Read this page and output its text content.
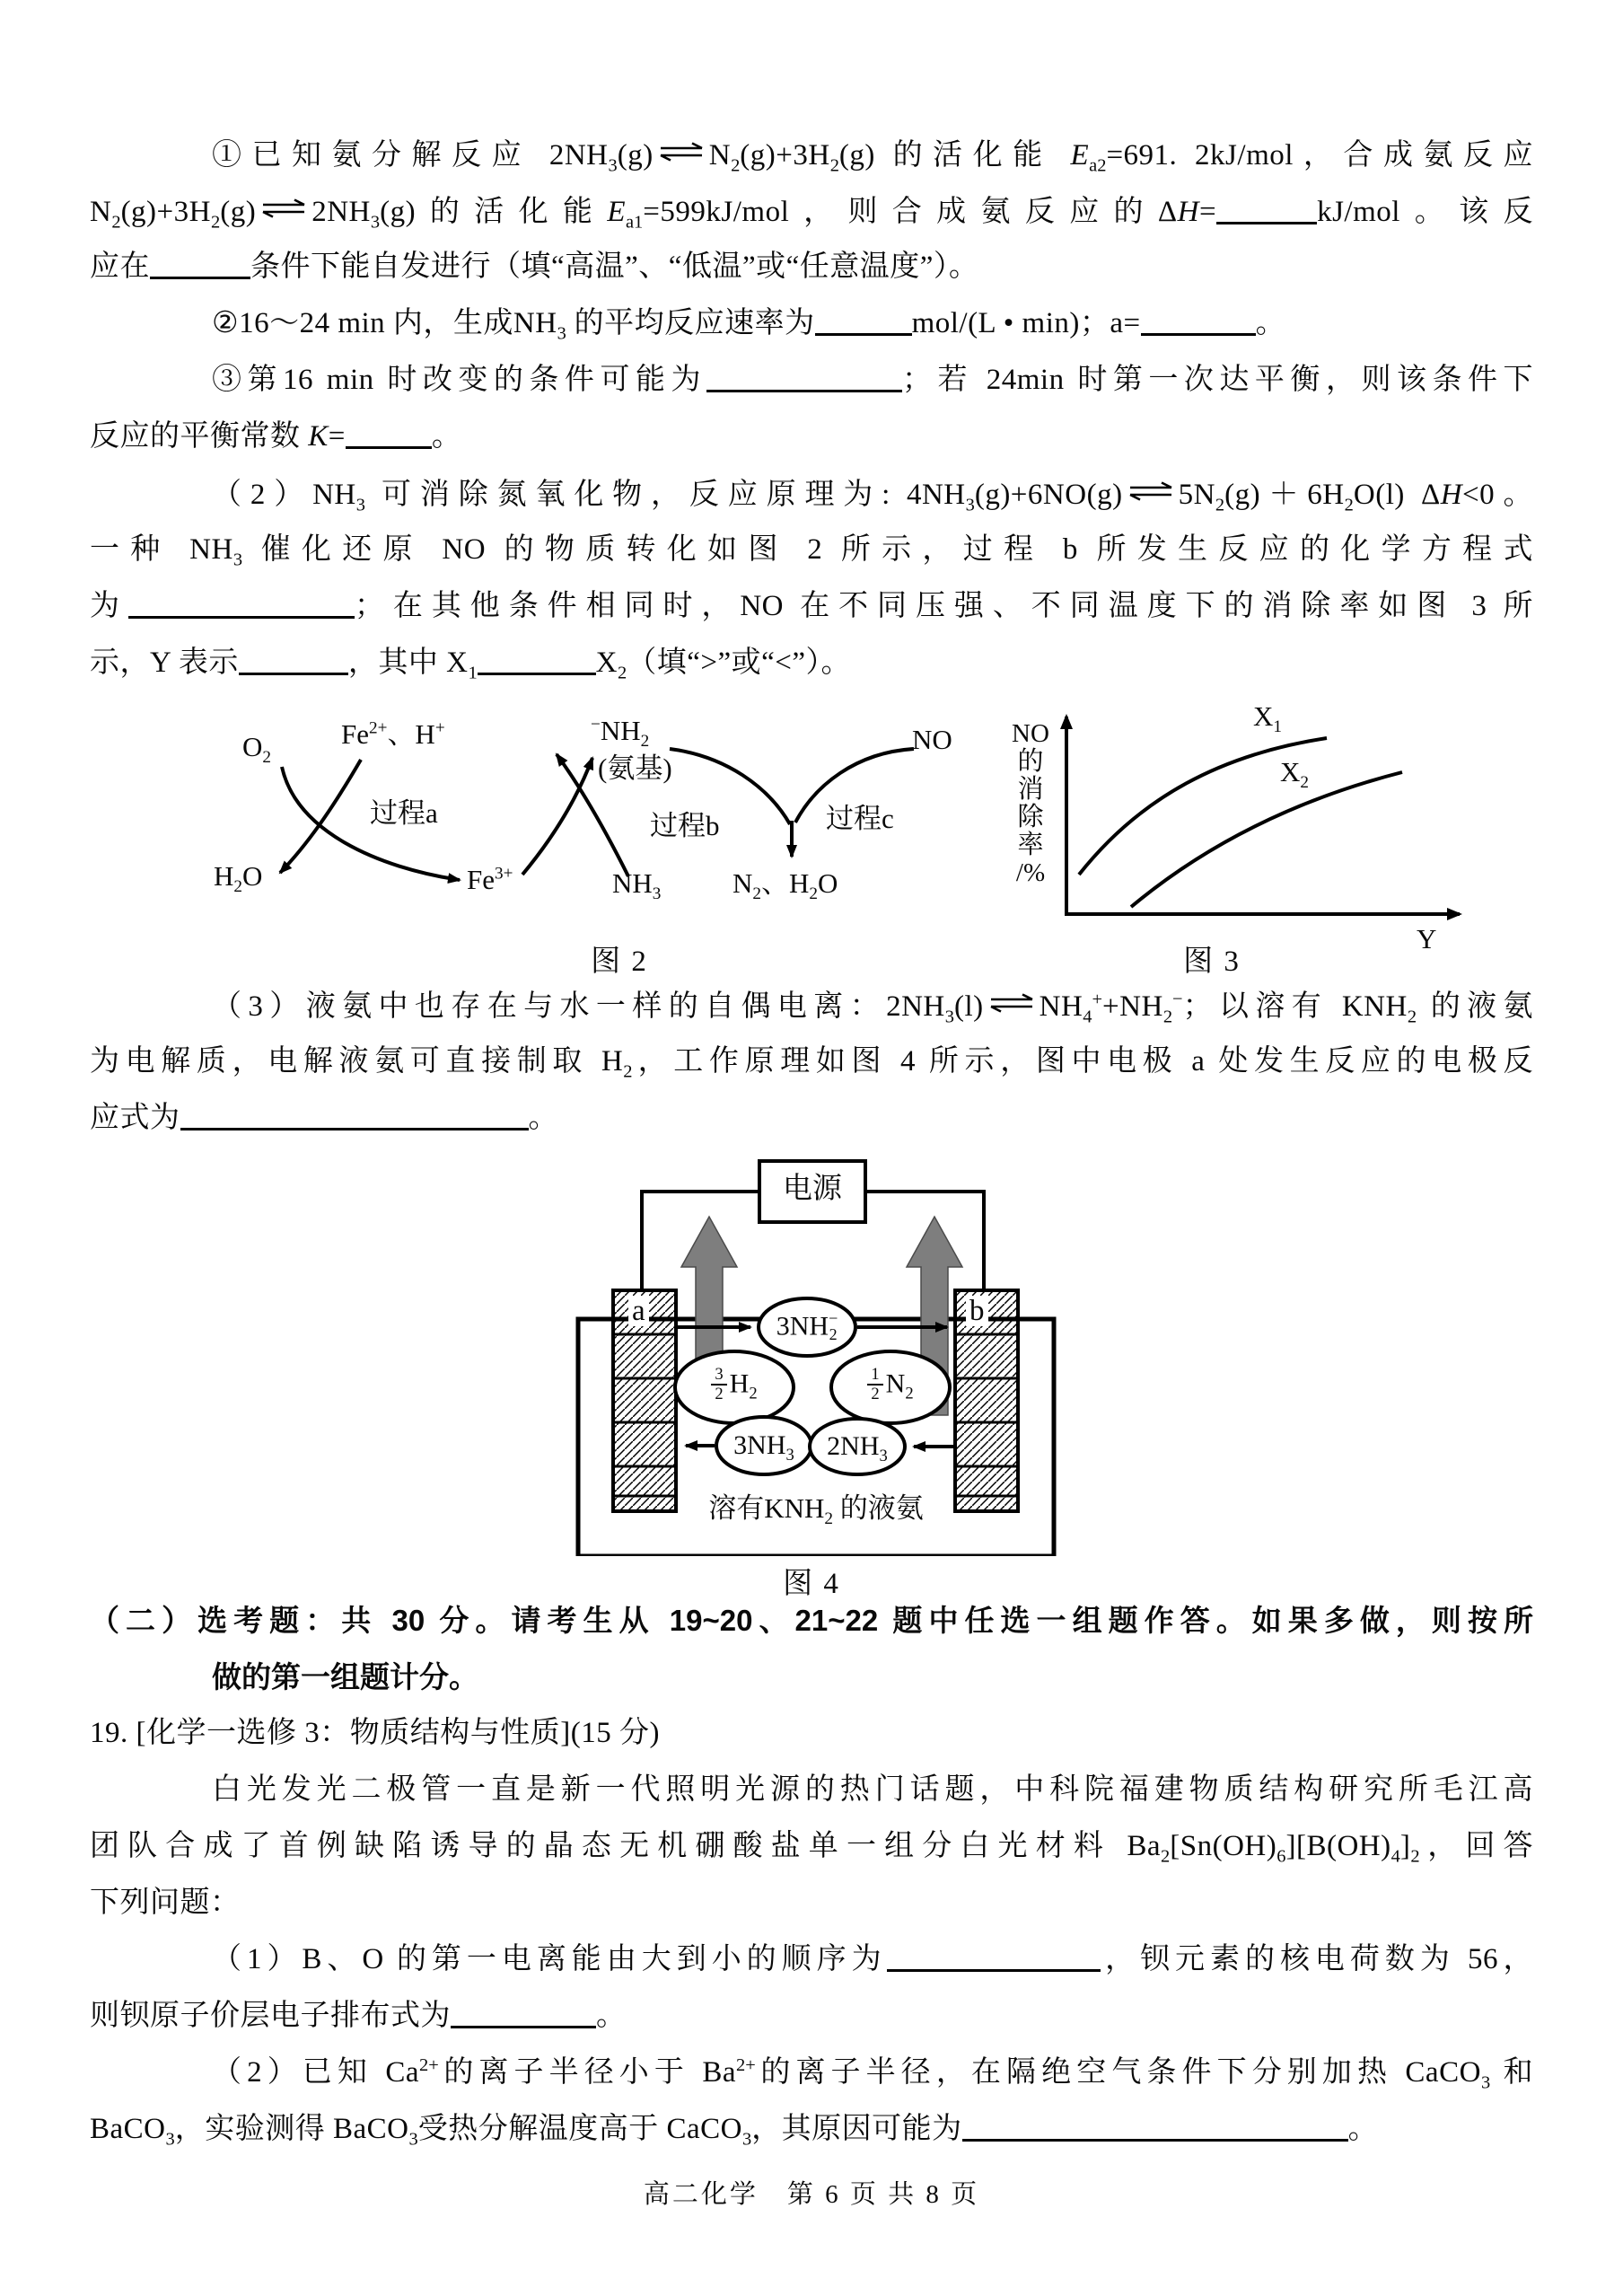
①已知氨分解反应 $2NH_3(g)$ ⇌ $N_2(g)+3H_2(g)$ 的活化能 $E_{a2}=691$. 2kJ/mol，合成氨反应
$N_2(g)+3H_2(g)$ ⇌ $2NH_3(g)$的活化能$E_{a1}=599kJ$/mol，则合成氨反应的ΔH=	kJ/mol。该反
应在	条件下能自发进行（填“高温”、“低温”或“任意温度”）。
②16～24 min 内，生成$NH_3$ 的平均反应速率为	mol/(L • min)；a=	。
③第16 min 时改变的条件可能为	；若 24min 时第一次达平衡，则该条件下
反应的平衡常数 K=	。
$(2)NH_3$ 可消除氮氧化物，反应原理为: $4NH_3(g)+6NO(g)$ ⇌ $5N_2(g)+6H_2O(l)$ ΔH<0。
一种 $NH_3$ 催化还原 NO 的物质转化如图 2 所示，过程 b 所发生反应的化学方程式
为	；在其他条件相同时，NO 在不同压强、不同温度下的消除率如图 3 所
示，Y 表示	，其中 $X_1$	$X_2$（填“>”或“<”）。
$O_2$
$Fe^{2+}$、H+	$^-NH_2$
(氨基)
NO
$H_2O$	$Fe^{3+}$	$NH_3$	$N_2$、$H_2O$
过程a	过程b	过程c
图 2
NO
的
消
除
率
/%
$X_1$
$X_2$
Y
图 3
（3）液氨中也存在与水一样的自偶电离：$2NH_3(l)$ ⇌ $NH_4^++NH_2^-$；以溶有 $KNH_2$ 的液氨
为电解质，电解液氨可直接制取 $H_2$，工作原理如图 4 所示，图中电极 a 处发生反应的电极反
应式为	。
电源
a	b
3NH −
2
$\frac{3}{2} H_2$	$\frac{1}{2} N_2$
$3NH_3$	$2NH_3$
溶有$KNH_2$ 的液氨
图 4
（二）选考题：共 30 分。请考生从 19~20、21~22 题中任选一组题作答。如果多做，则按所
做的第一组题计分。
19. [化学一选修 3：物质结构与性质](15 分)
白光发光二极管一直是新一代照明光源的热门话题，中科院福建物质结构研究所毛江高
团队合成了首例缺陷诱导的晶态无机硼酸盐单一组分白光材料 $Ba_2[Sn(OH)_6][B(OH)_4]_2$，回答
下列问题：
（1）B、O 的第一电离能由大到小的顺序为	，钡元素的核电荷数为 56，
则钡原子价层电子排布式为	。
（2）已知 $Ca^{2+}$的离子半径小于 $Ba^{2+}$的离子半径，在隔绝空气条件下分别加热 CaCO$_3$ 和
BaCO$_3$，实验测得 BaCO$_3$受热分解温度高于 CaCO$_3$，其原因可能为	。
高二化学　第 6 页 共 8 页
